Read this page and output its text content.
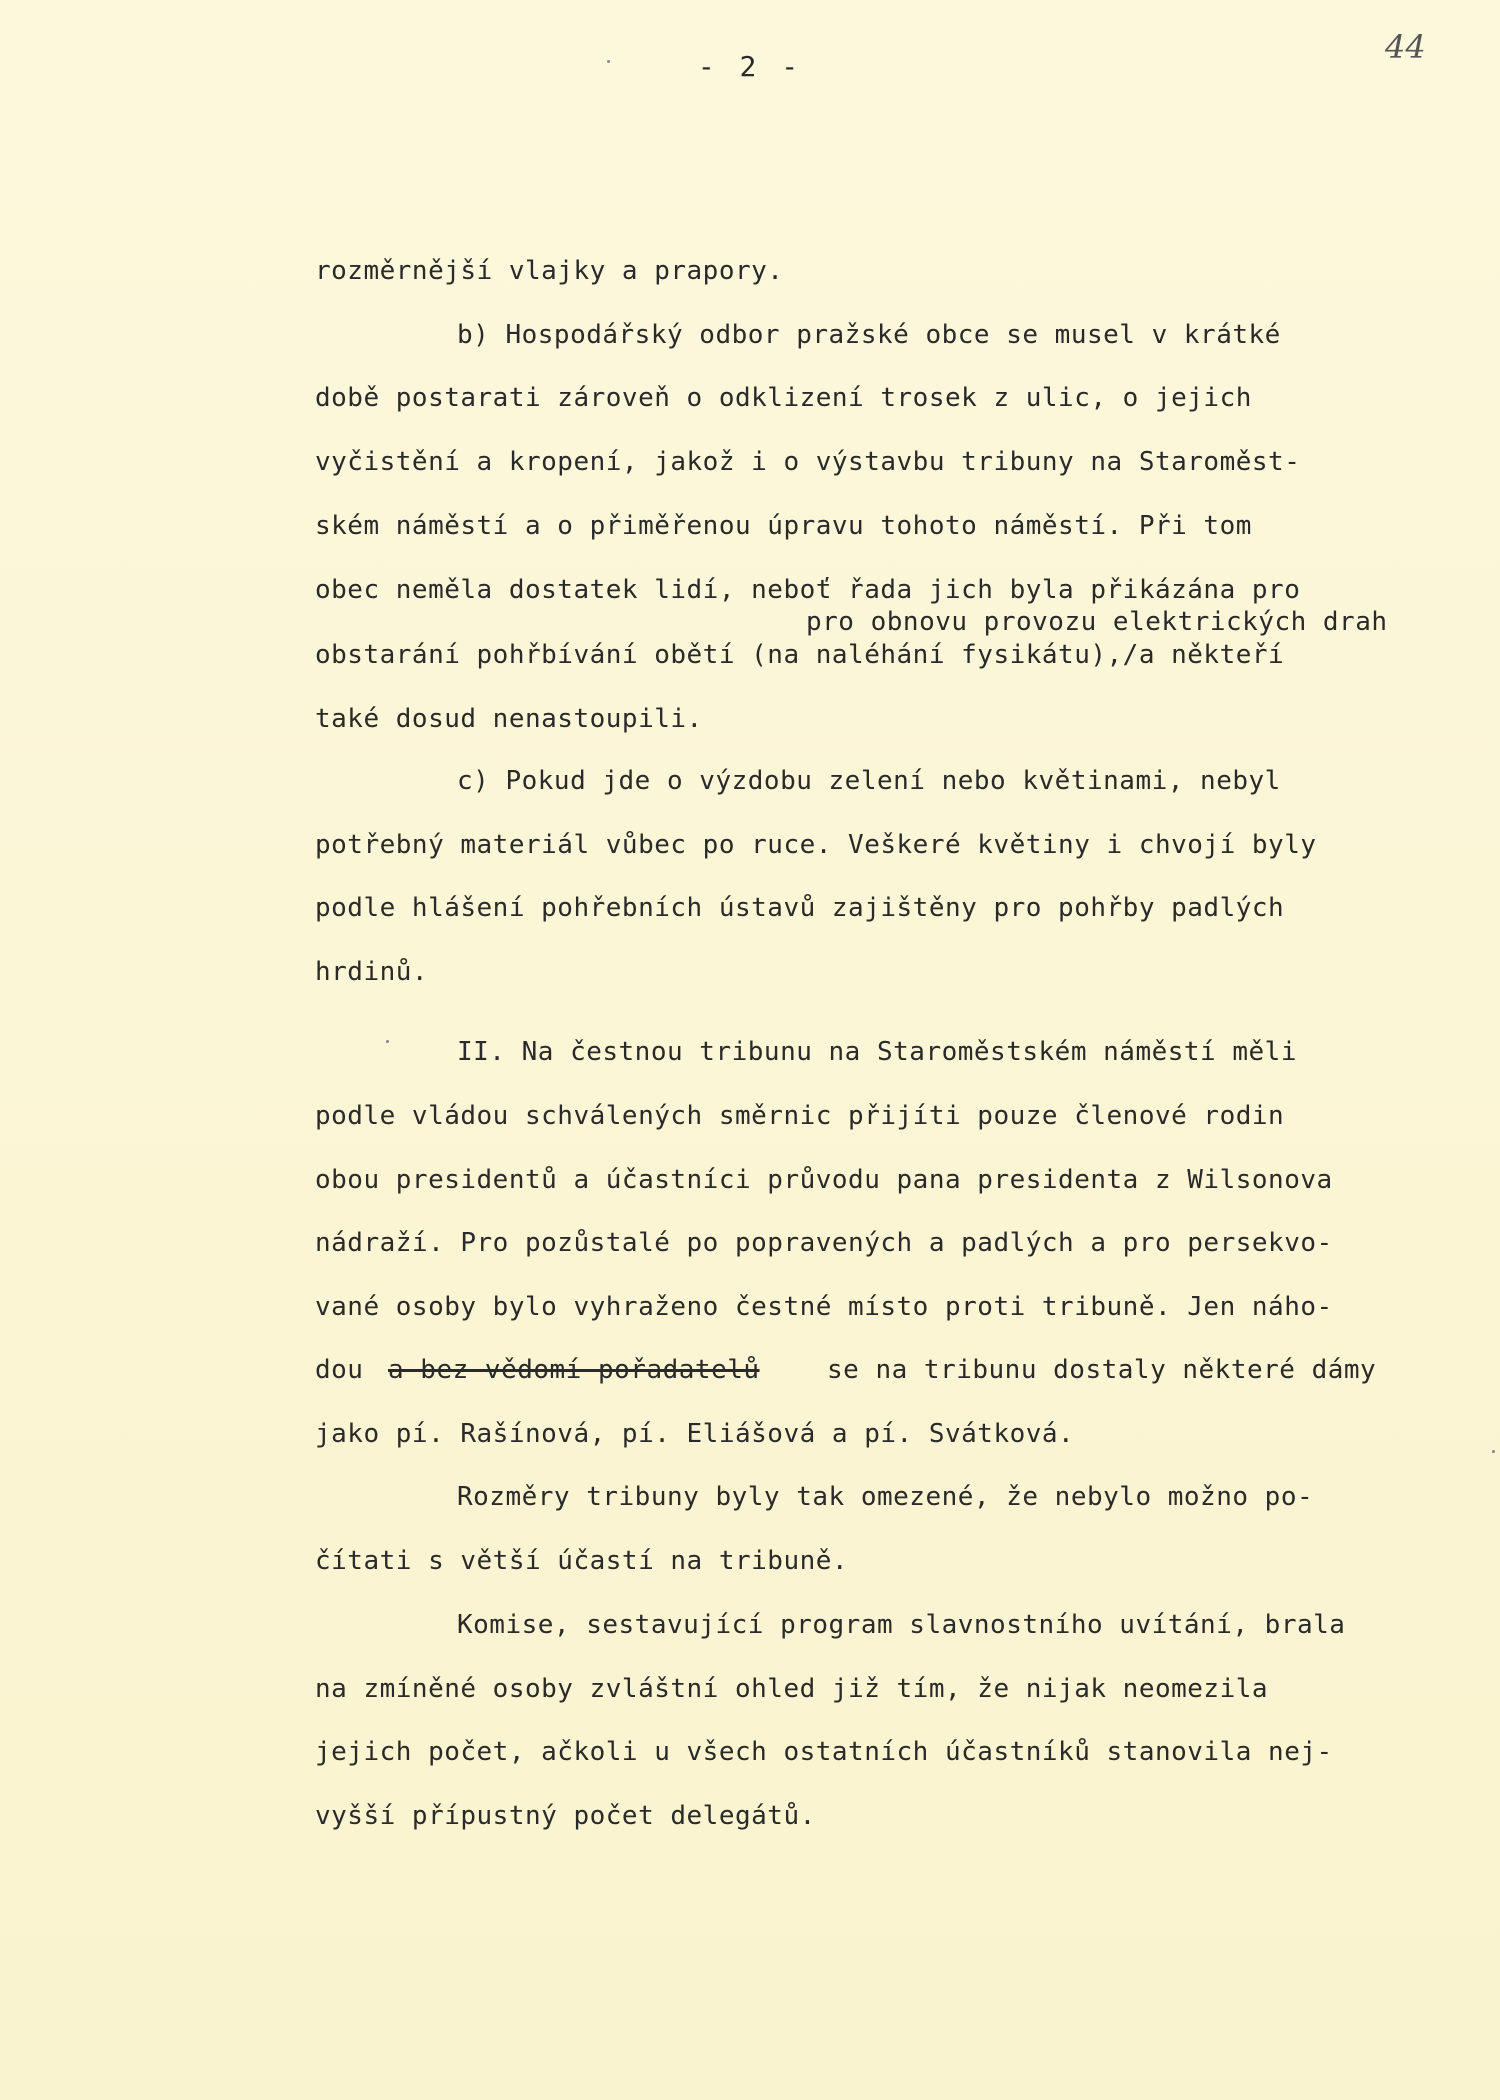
- 2 -
44
rozměrnější vlajky a prapory.
b) Hospodářský odbor pražské obce se musel v krátké
době postarati zároveň o odklizení trosek z ulic, o jejich
vyčistění a kropení, jakož i o výstavbu tribuny na Staroměst-
ském náměstí a o přiměřenou úpravu tohoto náměstí. Při tom
obec neměla dostatek lidí, neboť řada jich byla přikázána pro
pro obnovu provozu elektrických drah
obstarání pohřbívání obětí (na naléhání fysikátu),/a někteří
také dosud nenastoupili.
c) Pokud jde o výzdobu zelení nebo květinami, nebyl
potřebný materiál vůbec po ruce. Veškeré květiny i chvojí byly
podle hlášení pohřebních ústavů zajištěny pro pohřby padlých
hrdinů.
II. Na čestnou tribunu na Staroměstském náměstí měli
podle vládou schválených směrnic přijíti pouze členové rodin
obou presidentů a účastníci průvodu pana presidenta z Wilsonova
nádraží. Pro pozůstalé po popravených a padlých a pro persekvo-
vané osoby bylo vyhraženo čestné místo proti tribuně. Jen náho-
dou a bez vědomí pořadatelů	se na tribunu dostaly některé dámy
jako pí. Rašínová, pí. Eliášová a pí. Svátková.
Rozměry tribuny byly tak omezené, že nebylo možno po-
čítati s větší účastí na tribuně.
Komise, sestavující program slavnostního uvítání, brala
na zmíněné osoby zvláštní ohled již tím, že nijak neomezila
jejich počet, ačkoli u všech ostatních účastníků stanovila nej-
vyšší přípustný počet delegátů.
